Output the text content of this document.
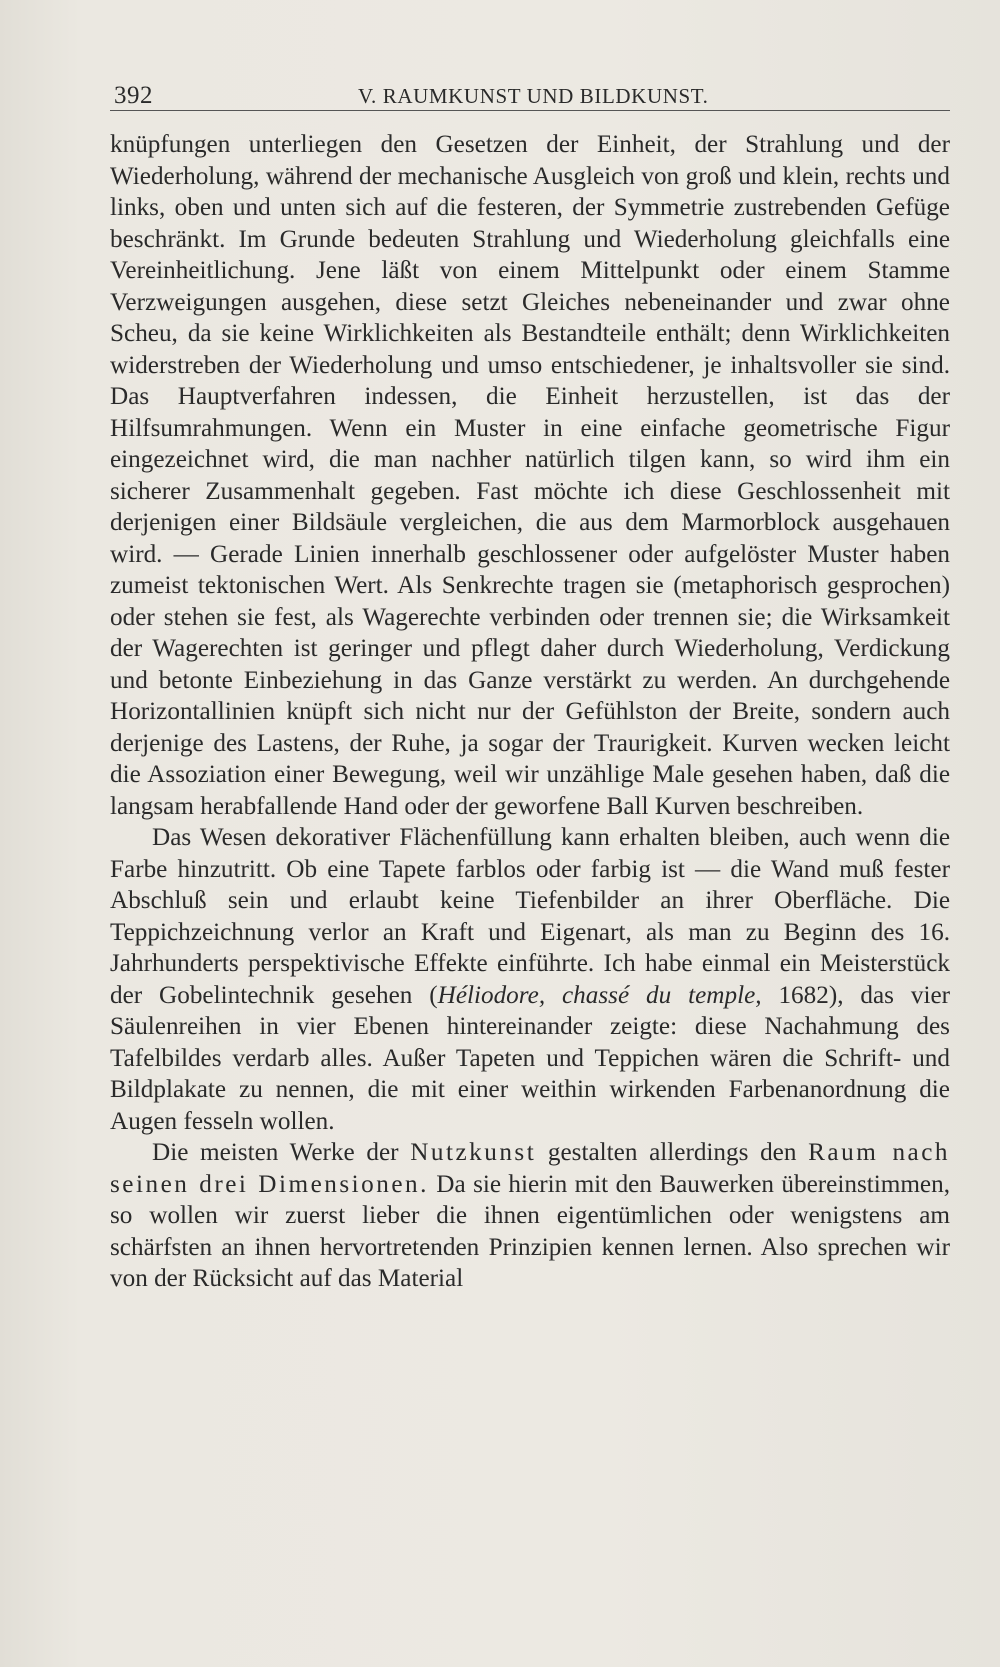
392	V. RAUMKUNST UND BILDKUNST.

knüpfungen unterliegen den Gesetzen der Einheit, der Strahlung und der Wiederholung, während der mechanische Ausgleich von groß und klein, rechts und links, oben und unten sich auf die festeren, der Symmetrie zustrebenden Gefüge beschränkt. Im Grunde bedeuten Strahlung und Wiederholung gleichfalls eine Vereinheitlichung. Jene läßt von einem Mittelpunkt oder einem Stamme Verzweigungen ausgehen, diese setzt Gleiches nebeneinander und zwar ohne Scheu, da sie keine Wirklichkeiten als Bestandteile enthält; denn Wirklichkeiten widerstreben der Wiederholung und umso entschiedener, je inhaltsvoller sie sind. Das Hauptverfahren indessen, die Einheit herzustellen, ist das der Hilfsumrahmungen. Wenn ein Muster in eine einfache geometrische Figur eingezeichnet wird, die man nachher natürlich tilgen kann, so wird ihm ein sicherer Zusammenhalt gegeben. Fast möchte ich diese Geschlossenheit mit derjenigen einer Bildsäule vergleichen, die aus dem Marmorblock ausgehauen wird. — Gerade Linien innerhalb geschlossener oder aufgelöster Muster haben zumeist tektonischen Wert. Als Senkrechte tragen sie (metaphorisch gesprochen) oder stehen sie fest, als Wagerechte verbinden oder trennen sie; die Wirksamkeit der Wagerechten ist geringer und pflegt daher durch Wiederholung, Verdickung und betonte Einbeziehung in das Ganze verstärkt zu werden. An durchgehende Horizontallinien knüpft sich nicht nur der Gefühlston der Breite, sondern auch derjenige des Lastens, der Ruhe, ja sogar der Traurigkeit. Kurven wecken leicht die Assoziation einer Bewegung, weil wir unzählige Male gesehen haben, daß die langsam herabfallende Hand oder der geworfene Ball Kurven beschreiben.

Das Wesen dekorativer Flächenfüllung kann erhalten bleiben, auch wenn die Farbe hinzutritt. Ob eine Tapete farblos oder farbig ist — die Wand muß fester Abschluß sein und erlaubt keine Tiefenbilder an ihrer Oberfläche. Die Teppichzeichnung verlor an Kraft und Eigenart, als man zu Beginn des 16. Jahrhunderts perspektivische Effekte einführte. Ich habe einmal ein Meisterstück der Gobelintechnik gesehen (Héliodore, chassé du temple, 1682), das vier Säulenreihen in vier Ebenen hintereinander zeigte: diese Nachahmung des Tafelbildes verdarb alles. Außer Tapeten und Teppichen wären die Schrift- und Bildplakate zu nennen, die mit einer weithin wirkenden Farbenanordnung die Augen fesseln wollen.

Die meisten Werke der Nutzkunst gestalten allerdings den Raum nach seinen drei Dimensionen. Da sie hierin mit den Bauwerken übereinstimmen, so wollen wir zuerst lieber die ihnen eigentümlichen oder wenigstens am schärfsten an ihnen hervortretenden Prinzipien kennen lernen. Also sprechen wir von der Rücksicht auf das Material
